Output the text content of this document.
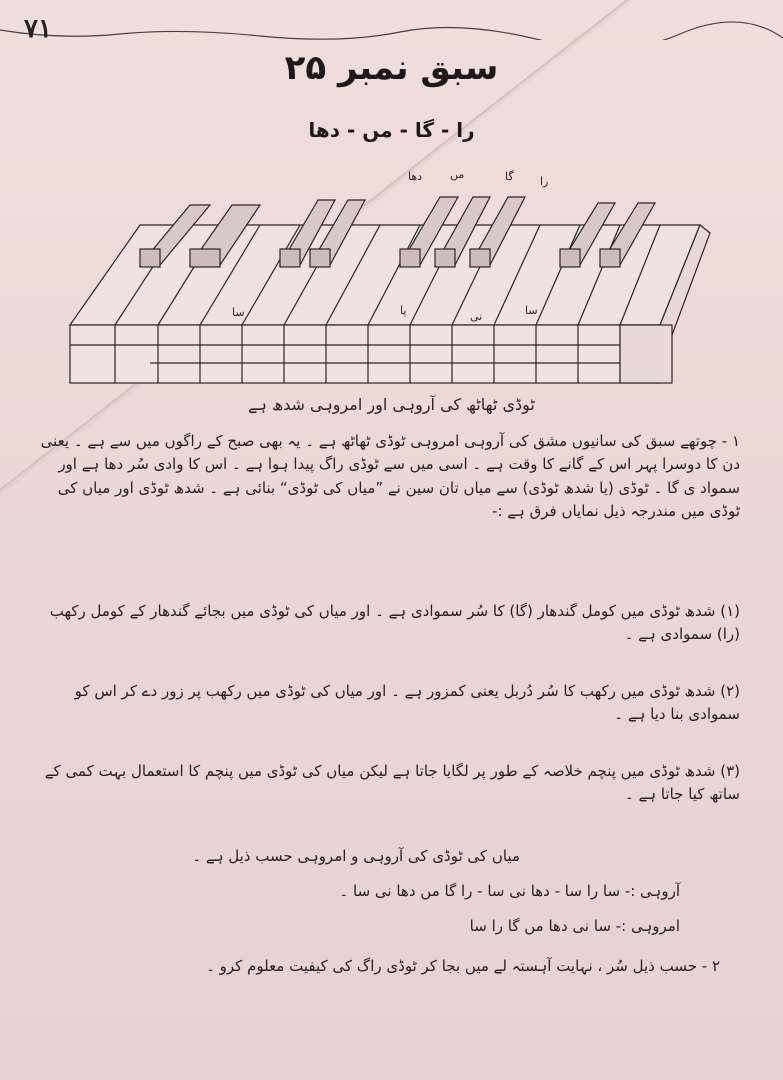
۷۱
سبق نمبر ۲۵
را - گا - مں - دھا
دھا	مں	گا را
سا	پا	نی	سا
ٹوڈی ٹھاٹھ کی آروہی اور امروہی شدھ ہے

۱ - چوتھے سبق کی سانیوں مشق کی آروہی امروہی ٹوڈی ٹھاٹھ ہے ۔ یہ بھی صبح کے راگوں میں سے ہے ۔ یعنی دن کا دوسرا پہر اس کے گانے کا وقت ہے ۔ اسی میں سے ٹوڈی راگ پیدا ہوا ہے ۔ اس کا وادی سُر دھا ہے اور سمواد ی گا ۔ ٹوڈی (یا شدھ ٹوڈی) سے میاں تان سین نے ”میاں کی ٹوڈی“ بنائی ہے ۔ شدھ ٹوڈی اور میاں کی ٹوڈی میں مندرجہ ذیل نمایاں فرق ہے :-

(۱) شدھ ٹوڈی میں کومل گندھار (گا) کا سُر سموادی ہے ۔ اور میاں کی ٹوڈی میں بجائے گندھار کے کومل رکھب (را) سموادی ہے ۔

(۲) شدھ ٹوڈی میں رکھب کا سُر دُربل یعنی کمزور ہے ۔ اور میاں کی ٹوڈی میں رکھب پر زور دے کر اس کو سموادی بنا دیا ہے ۔

(۳) شدھ ٹوڈی میں پنچم خلاصہ کے طور پر لگایا جاتا ہے لیکن میاں کی ٹوڈی میں پنچم کا استعمال بہت کمی کے ساتھ کیا جاتا ہے ۔

میاں کی ٹوڈی کی آروہی و امروہی حسب ذیل ہے ۔

آروہی :- سا را سا - دھا نی سا - را گا مں دھا نی سا ۔

امروہی :- سا نی دھا مں گا را سا

۲ - حسب ذیل سُر ، نہایت آہستہ لے میں بجا کر ٹوڈی راگ کی کیفیت معلوم کرو ۔
